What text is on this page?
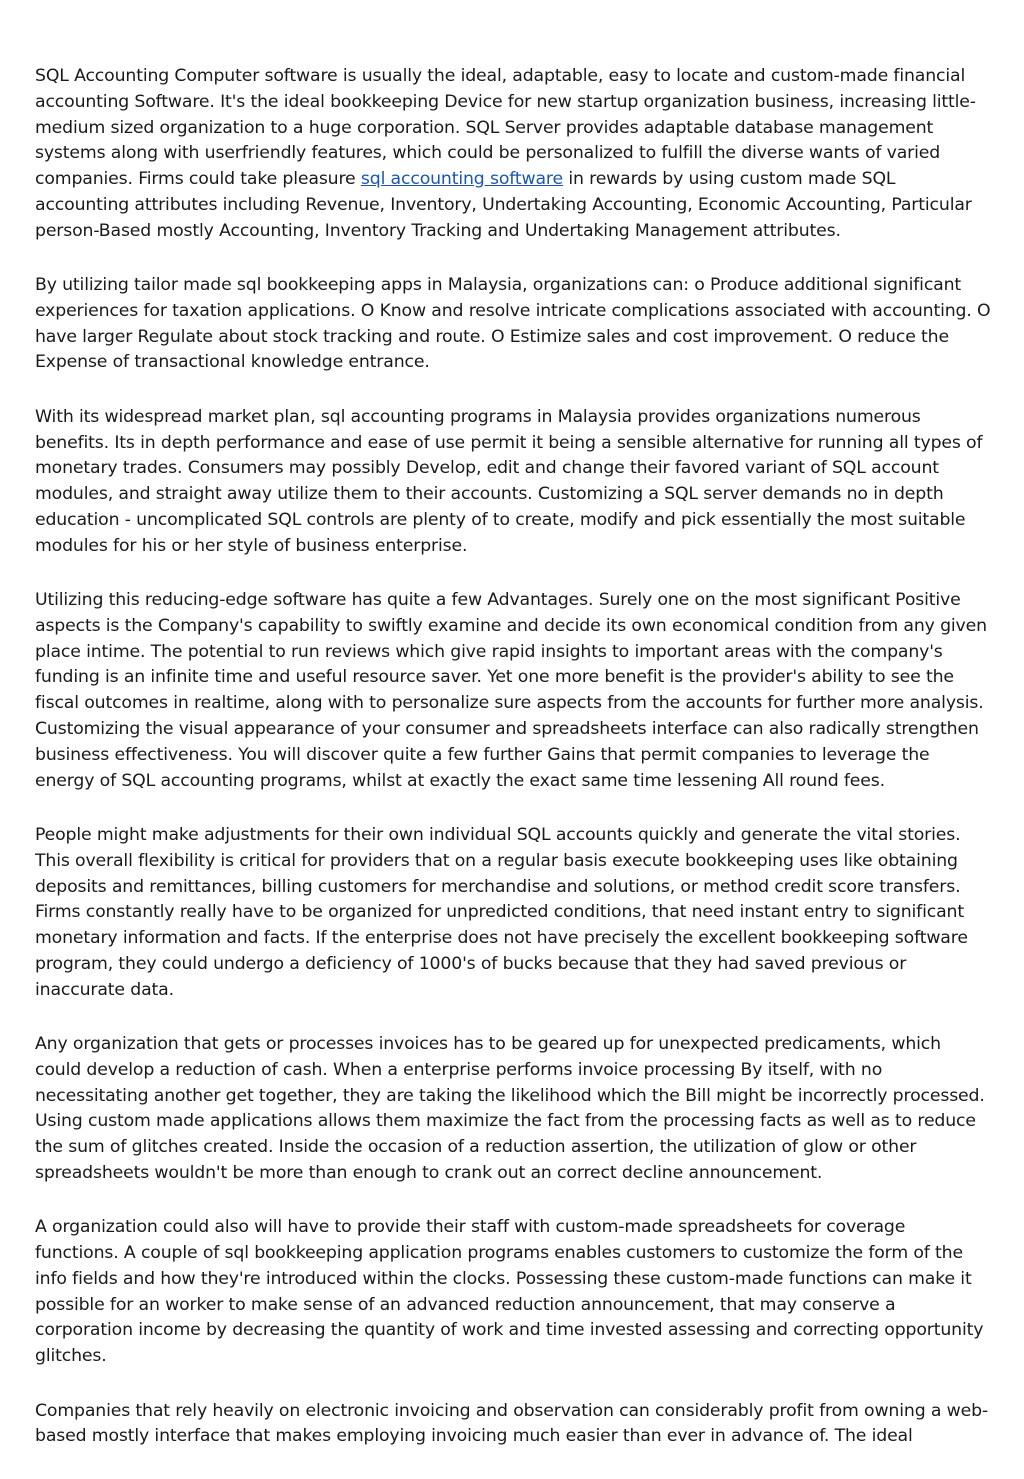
SQL Accounting Computer software is usually the ideal, adaptable, easy to locate and custom-made financial accounting Software. It's the ideal bookkeeping Device for new startup organization business, increasing little-medium sized organization to a huge corporation. SQL Server provides adaptable database management systems along with userfriendly features, which could be personalized to fulfill the diverse wants of varied companies. Firms could take pleasure sql accounting software in rewards by using custom made SQL accounting attributes including Revenue, Inventory, Undertaking Accounting, Economic Accounting, Particular person-Based mostly Accounting, Inventory Tracking and Undertaking Management attributes.

By utilizing tailor made sql bookkeeping apps in Malaysia, organizations can: o Produce additional significant experiences for taxation applications. O Know and resolve intricate complications associated with accounting. O have larger Regulate about stock tracking and route. O Estimize sales and cost improvement. O reduce the Expense of transactional knowledge entrance.

With its widespread market plan, sql accounting programs in Malaysia provides organizations numerous benefits. Its in depth performance and ease of use permit it being a sensible alternative for running all types of monetary trades. Consumers may possibly Develop, edit and change their favored variant of SQL account modules, and straight away utilize them to their accounts. Customizing a SQL server demands no in depth education - uncomplicated SQL controls are plenty of to create, modify and pick essentially the most suitable modules for his or her style of business enterprise.

Utilizing this reducing-edge software has quite a few Advantages. Surely one on the most significant Positive aspects is the Company's capability to swiftly examine and decide its own economical condition from any given place intime. The potential to run reviews which give rapid insights to important areas with the company's funding is an infinite time and useful resource saver. Yet one more benefit is the provider's ability to see the fiscal outcomes in realtime, along with to personalize sure aspects from the accounts for further more analysis. Customizing the visual appearance of your consumer and spreadsheets interface can also radically strengthen business effectiveness. You will discover quite a few further Gains that permit companies to leverage the energy of SQL accounting programs, whilst at exactly the exact same time lessening All round fees.

People might make adjustments for their own individual SQL accounts quickly and generate the vital stories. This overall flexibility is critical for providers that on a regular basis execute bookkeeping uses like obtaining deposits and remittances, billing customers for merchandise and solutions, or method credit score transfers. Firms constantly really have to be organized for unpredicted conditions, that need instant entry to significant monetary information and facts. If the enterprise does not have precisely the excellent bookkeeping software program, they could undergo a deficiency of 1000's of bucks because that they had saved previous or inaccurate data.

Any organization that gets or processes invoices has to be geared up for unexpected predicaments, which could develop a reduction of cash. When a enterprise performs invoice processing By itself, with no necessitating another get together, they are taking the likelihood which the Bill might be incorrectly processed. Using custom made applications allows them maximize the fact from the processing facts as well as to reduce the sum of glitches created. Inside the occasion of a reduction assertion, the utilization of glow or other spreadsheets wouldn't be more than enough to crank out an correct decline announcement.

A organization could also will have to provide their staff with custom-made spreadsheets for coverage functions. A couple of sql bookkeeping application programs enables customers to customize the form of the info fields and how they're introduced within the clocks. Possessing these custom-made functions can make it possible for an worker to make sense of an advanced reduction announcement, that may conserve a corporation income by decreasing the quantity of work and time invested assessing and correcting opportunity glitches.

Companies that rely heavily on electronic invoicing and observation can considerably profit from owning a web-based mostly interface that makes employing invoicing much easier than ever in advance of. The ideal
